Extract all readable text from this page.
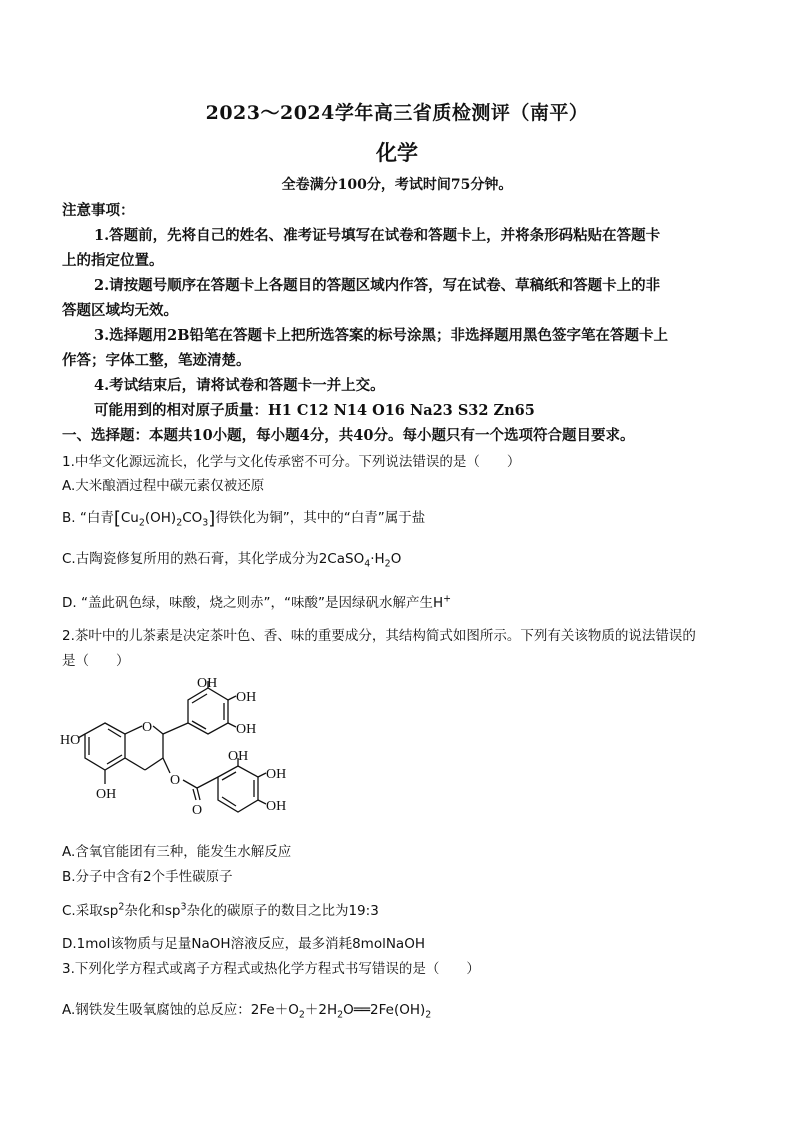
2023～2024学年高三省质检测评（南平）
化学
全卷满分100分，考试时间75分钟。
注意事项：
1.答题前，先将自己的姓名、准考证号填写在试卷和答题卡上，并将条形码粘贴在答题卡
上的指定位置。
2.请按题号顺序在答题卡上各题目的答题区域内作答，写在试卷、草稿纸和答题卡上的非
答题区域均无效。
3.选择题用2B铅笔在答题卡上把所选答案的标号涂黑；非选择题用黑色签字笔在答题卡上
作答；字体工整，笔迹清楚。
4.考试结束后，请将试卷和答题卡一并上交。
可能用到的相对原子质量：H1 C12 N14 O16 Na23 S32 Zn65
一、选择题：本题共10小题，每小题4分，共40分。每小题只有一个选项符合题目要求。
1.中华文化源远流长，化学与文化传承密不可分。下列说法错误的是（　　）
A.大米酿酒过程中碳元素仅被还原
B. “白青$[Cu_2(OH)_2CO_3]$得铁化为铜”，其中的“白青”属于盐
C.古陶瓷修复所用的熟石膏，其化学成分为$2CaSO_4\cdot H_2O$
D. “盖此矾色绿，味酸，烧之则赤”，“味酸”是因绿矾水解产生H+
2.茶叶中的儿茶素是决定茶叶色、香、味的重要成分，其结构简式如图所示。下列有关该物质的说法错误的
是（　　）
OH
OH
OH
HO
O
OH
O
O
OH
OH
OH
A.含氧官能团有三种，能发生水解反应
B.分子中含有2个手性碳原子
C.采取$sp^2$杂化和$sp^3$杂化的碳原子的数目之比为19:3
D.1mol该物质与足量NaOH溶液反应，最多消耗8molNaOH
3.下列化学方程式或离子方程式或热化学方程式书写错误的是（　　）
A.钢铁发生吸氧腐蚀的总反应：$2Fe+O_2+2H_2O══2Fe(OH)_2$
